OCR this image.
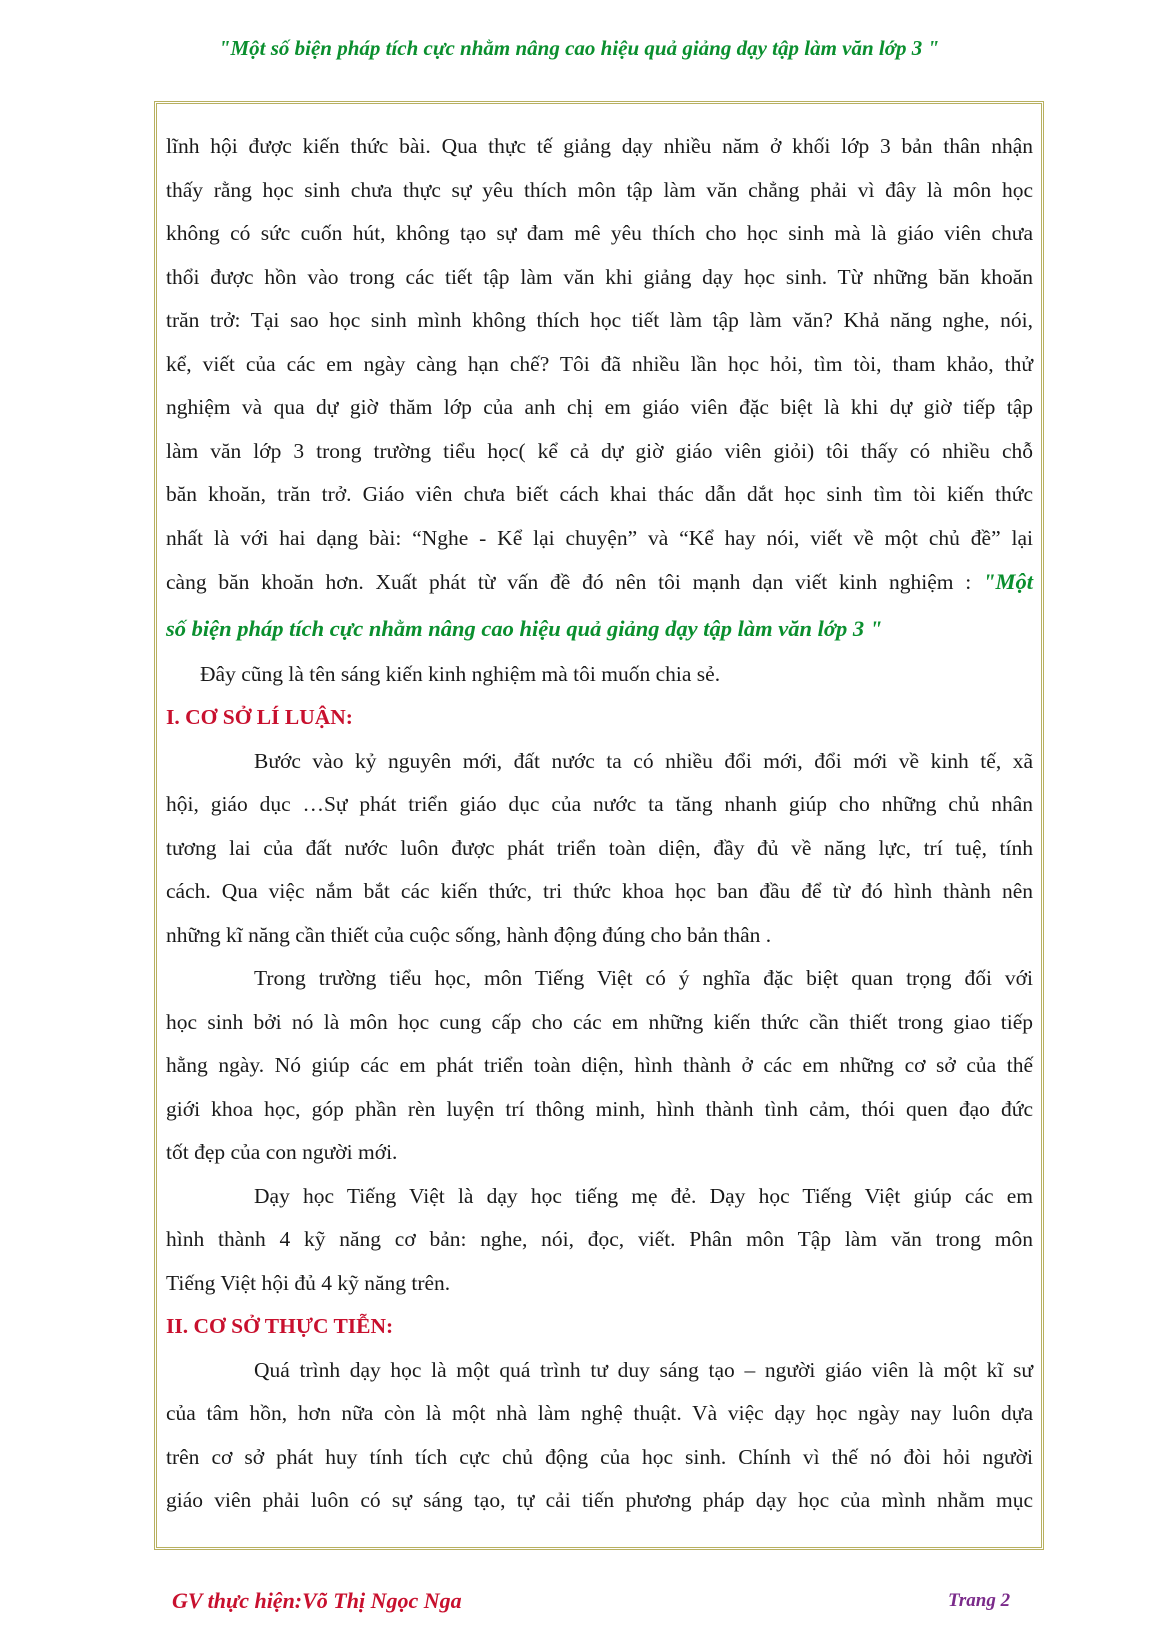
"Một số biện pháp tích cực nhằm nâng cao hiệu quả giảng dạy tập làm văn lớp 3 "

lĩnh hội được kiến thức bài. Qua thực tế giảng dạy nhiều năm ở khối lớp 3 bản thân nhận

thấy rằng học sinh chưa thực sự yêu thích môn tập làm văn chẳng phải vì đây là môn học

không có sức cuốn hút, không tạo sự đam mê yêu thích cho học sinh mà là giáo viên chưa

thổi được hồn vào trong các tiết tập làm văn khi giảng dạy học sinh. Từ những băn khoăn

trăn trở: Tại sao học sinh mình không thích học tiết làm tập làm văn? Khả năng nghe, nói,

kể, viết của các em ngày càng hạn chế? Tôi đã nhiều lần học hỏi, tìm tòi, tham khảo, thử

nghiệm và qua dự giờ thăm lớp của anh chị em giáo viên đặc biệt là khi dự giờ tiếp tập

làm văn lớp 3 trong trường tiểu học( kể cả dự giờ giáo viên giỏi) tôi thấy có nhiều chỗ

băn khoăn, trăn trở. Giáo viên chưa biết cách khai thác dẫn dắt học sinh tìm tòi kiến thức

nhất là với hai dạng bài: “Nghe - Kể lại chuyện” và “Kể hay nói, viết về một chủ đề” lại

càng băn khoăn hơn. Xuất phát từ vấn đề đó nên tôi mạnh dạn viết kinh nghiệm : "Một

số biện pháp tích cực nhằm nâng cao hiệu quả giảng dạy tập làm văn lớp 3 "

Đây cũng là tên sáng kiến kinh nghiệm mà tôi muốn chia sẻ.

I. CƠ SỞ LÍ LUẬN:

Bước vào kỷ nguyên mới, đất nước ta có nhiều đổi mới, đổi mới về kinh tế, xã

hội, giáo dục …Sự phát triển giáo dục của nước ta tăng nhanh giúp cho những chủ nhân

tương lai của đất nước luôn được phát triển toàn diện, đầy đủ về năng lực, trí tuệ, tính

cách. Qua việc nắm bắt các kiến thức, tri thức khoa học ban đầu để từ đó hình thành nên

những kĩ năng cần thiết của cuộc sống, hành động đúng cho bản thân .

Trong trường tiểu học, môn Tiếng Việt có ý nghĩa đặc biệt quan trọng đối với

học sinh bởi nó là môn học cung cấp cho các em những kiến thức cần thiết trong giao tiếp

hằng ngày. Nó giúp các em phát triển toàn diện, hình thành ở các em những cơ sở của thế

giới khoa học, góp phần rèn luyện trí thông minh, hình thành tình cảm, thói quen đạo đức

tốt đẹp của con người mới.

Dạy học Tiếng Việt là dạy học tiếng mẹ đẻ. Dạy học Tiếng Việt giúp các em

hình thành 4 kỹ năng cơ bản: nghe, nói, đọc, viết. Phân môn Tập làm văn trong môn

Tiếng Việt hội đủ 4 kỹ năng trên.

II. CƠ SỞ THỰC TIỄN:

Quá trình dạy học là một quá trình tư duy sáng tạo – người giáo viên là một kĩ sư

của tâm hồn, hơn nữa còn là một nhà làm nghệ thuật. Và việc dạy học ngày nay luôn dựa

trên cơ sở phát huy tính tích cực chủ động của học sinh. Chính vì thế nó đòi hỏi người

giáo viên phải luôn có sự sáng tạo, tự cải tiến phương pháp dạy học của mình nhằm mục

GV thực hiện:Võ Thị Ngọc Nga	Trang 2
